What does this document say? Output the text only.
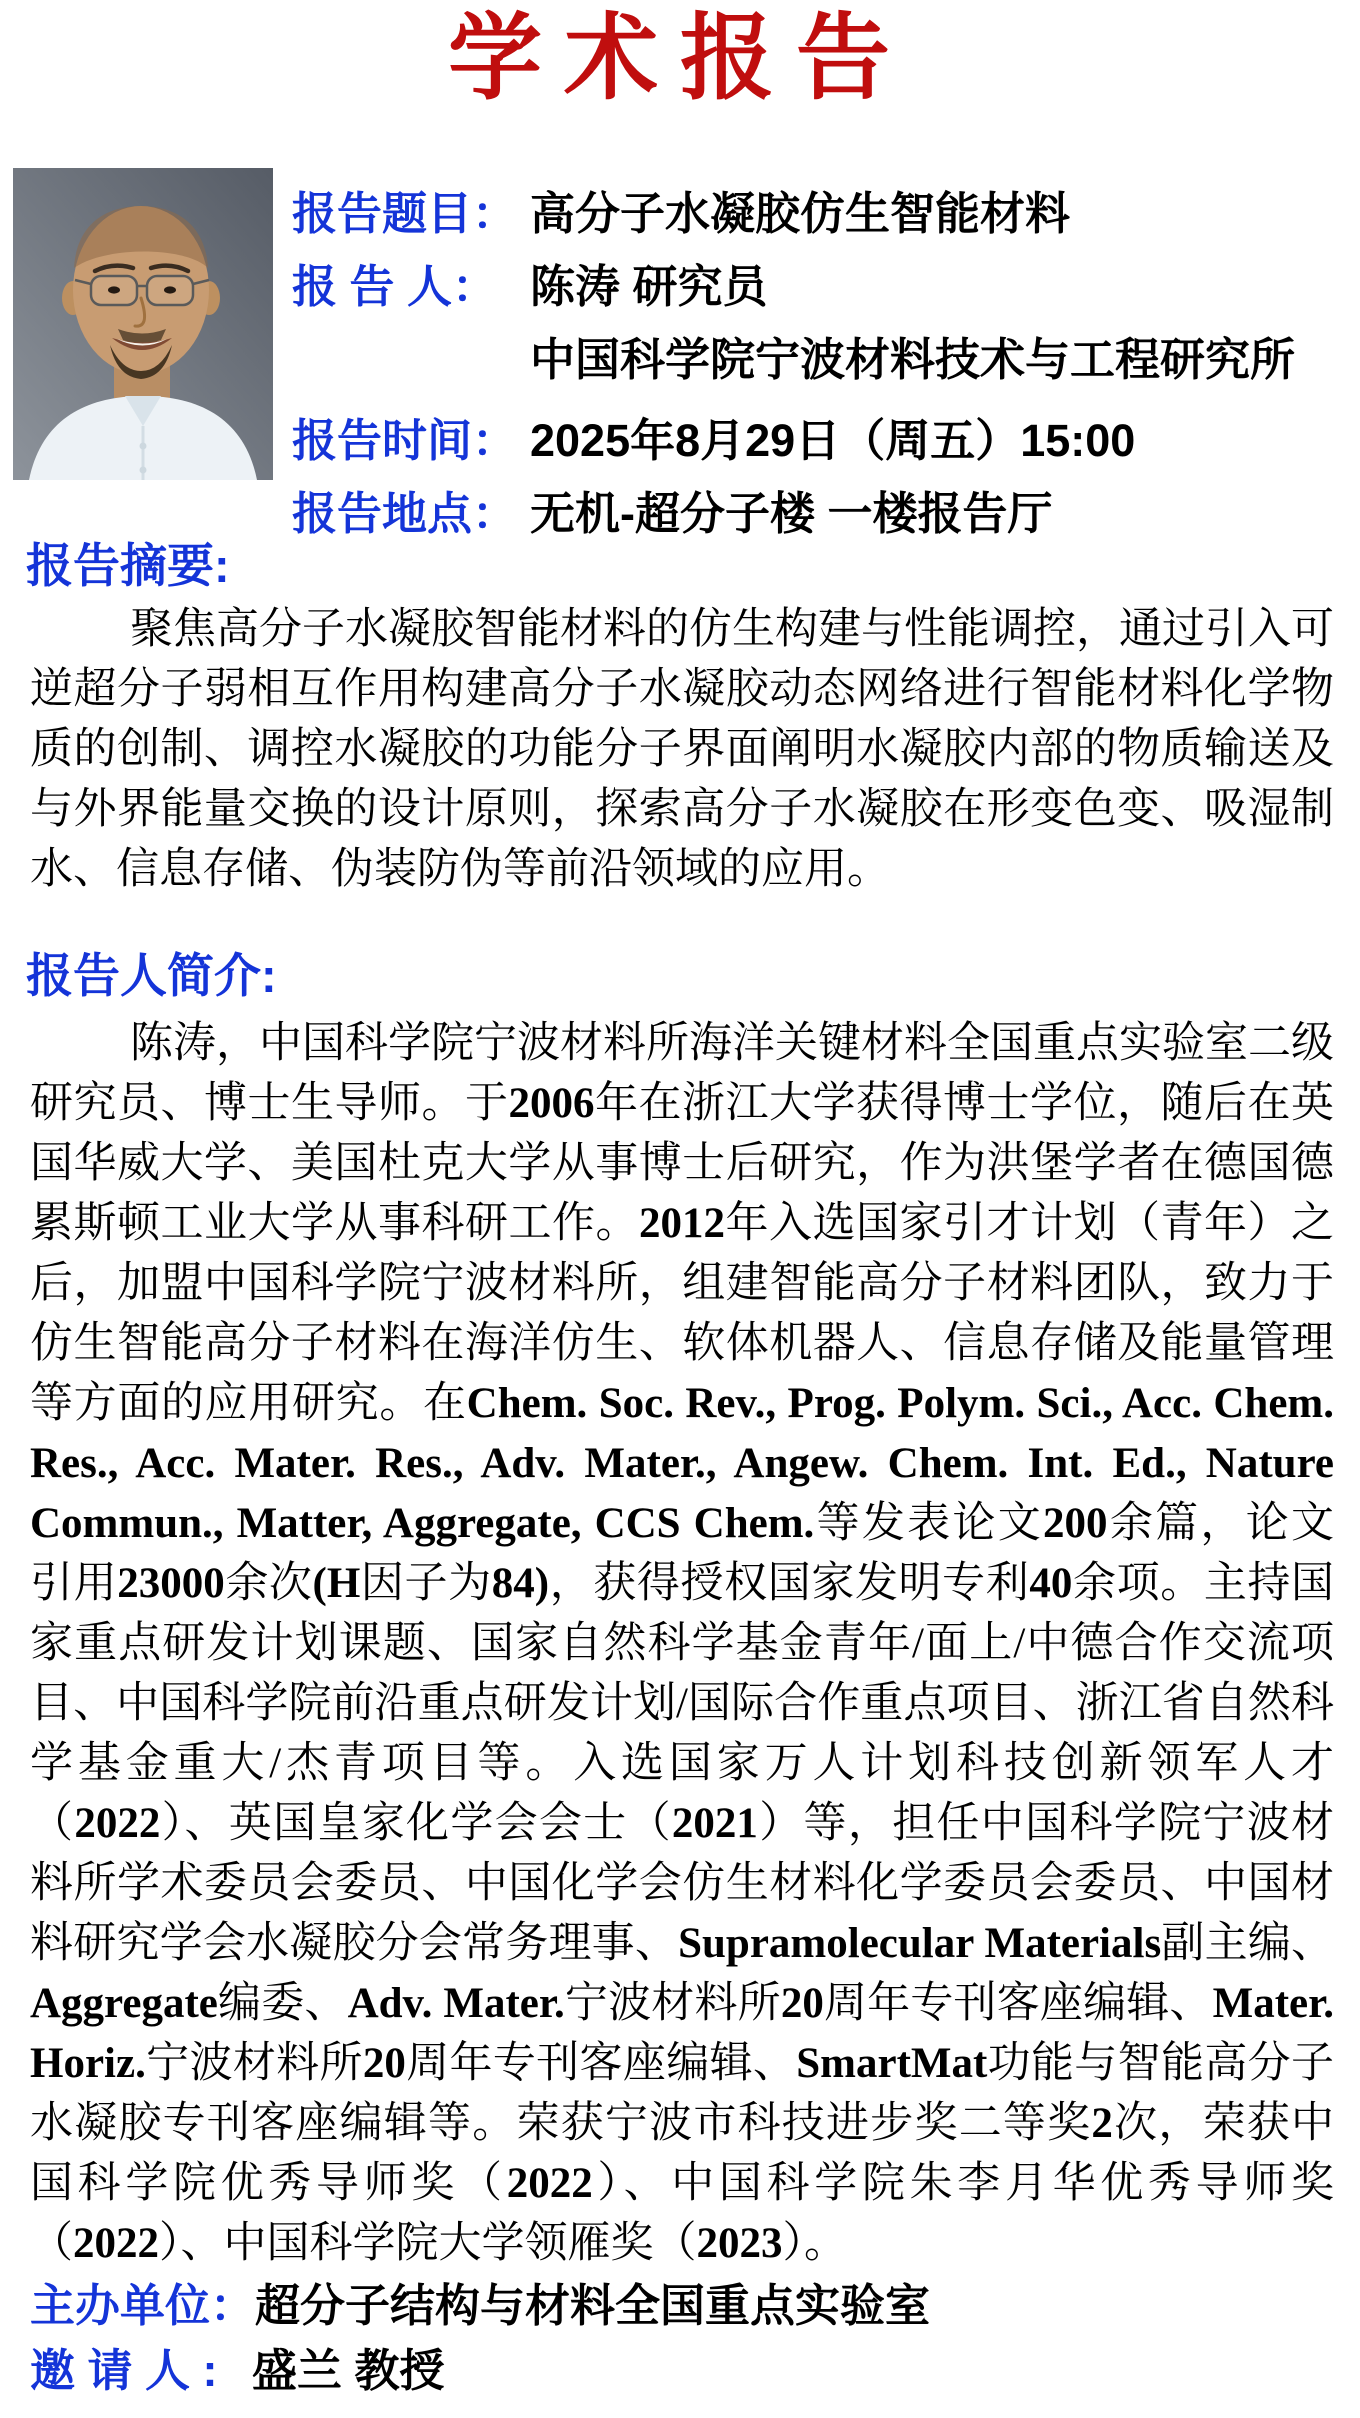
学术报告
报告题目： 高分子水凝胶仿生智能材料
报 告 人： 陈涛 研究员
中国科学院宁波材料技术与工程研究所
报告时间： 2025年8月29日（周五）15:00
报告地点： 无机-超分子楼 一楼报告厅
报告摘要:

聚焦高分子水凝胶智能材料的仿生构建与性能调控，通过引入可逆超分子弱相互作用构建高分子水凝胶动态网络进行智能材料化学物质的创制、调控水凝胶的功能分子界面阐明水凝胶内部的物质输送及与外界能量交换的设计原则，探索高分子水凝胶在形变色变、吸湿制水、信息存储、伪装防伪等前沿领域的应用。

报告人简介:

陈涛，中国科学院宁波材料所海洋关键材料全国重点实验室二级研究员、博士生导师。于2006年在浙江大学获得博士学位，随后在英国华威大学、美国杜克大学从事博士后研究，作为洪堡学者在德国德累斯顿工业大学从事科研工作。2012年入选国家引才计划（青年）之后，加盟中国科学院宁波材料所，组建智能高分子材料团队，致力于仿生智能高分子材料在海洋仿生、软体机器人、信息存储及能量管理等方面的应用研究。在Chem. Soc. Rev., Prog. Polym. Sci., Acc. Chem. Res., Acc. Mater. Res., Adv. Mater., Angew. Chem. Int. Ed., Nature Commun., Matter, Aggregate, CCS Chem.等发表论文200余篇，论文引用23000余次(H因子为84)，获得授权国家发明专利40余项。主持国家重点研发计划课题、国家自然科学基金青年/面上/中德合作交流项目、中国科学院前沿重点研发计划/国际合作重点项目、浙江省自然科学基金重大/杰青项目等。入选国家万人计划科技创新领军人才（2022）、英国皇家化学会会士（2021）等，担任中国科学院宁波材料所学术委员会委员、中国化学会仿生材料化学委员会委员、中国材料研究学会水凝胶分会常务理事、Supramolecular Materials副主编、Aggregate编委、Adv. Mater.宁波材料所20周年专刊客座编辑、Mater. Horiz.宁波材料所20周年专刊客座编辑、SmartMat功能与智能高分子水凝胶专刊客座编辑等。荣获宁波市科技进步奖二等奖2次，荣获中国科学院优秀导师奖（2022）、中国科学院朱李月华优秀导师奖（2022）、中国科学院大学领雁奖（2023）。

主办单位： 超分子结构与材料全国重点实验室
邀 请 人 : 盛兰 教授
